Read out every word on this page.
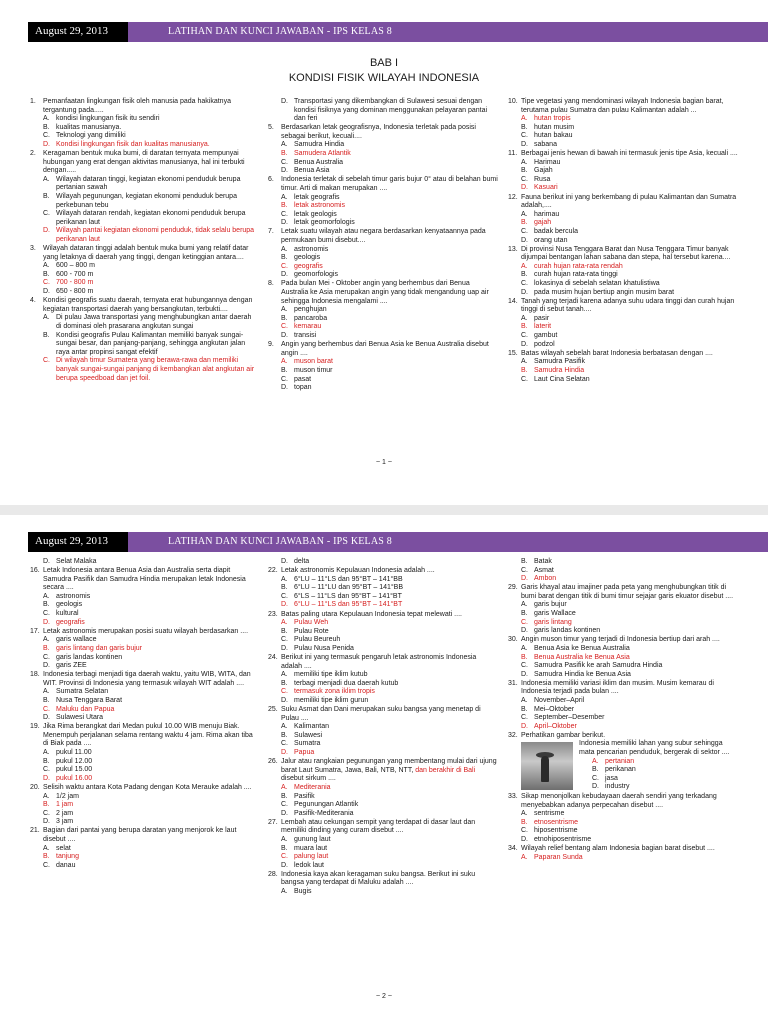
August 29, 2013	LATIHAN DAN KUNCI JAWABAN - IPS KELAS 8
BAB I
KONDISI FISIK WILAYAH INDONESIA
1.	Pemanfaatan lingkungan fisik oleh manusia pada hakikatnya tergantung pada.....
A. kondisi lingkungan fisik itu sendiri
B. kualitas manusianya.
C. Teknologi yang dimiliki
D. Kondisi lingkungan fisik dan kualitas manusianya.
2.	Keragaman bentuk muka bumi, di daratan ternyata mempunyai hubungan yang erat dengan aktivitas manusianya, hal ini terbukti dengan.....
A. Wilayah dataran tinggi, kegiatan ekonomi penduduk berupa pertanian sawah
B. Wilayah pegunungan, kegiatan ekonomi penduduk berupa perkebunan tebu
C. Wilayah dataran rendah, kegiatan ekonomi penduduk berupa perikanan laut
D. Wilayah pantai kegiatan ekonomi penduduk, tidak selalu berupa perikanan laut
3.	Wilayah dataran tinggi adalah bentuk muka bumi yang relatif datar yang letaknya di daerah yang tinggi, dengan ketinggian antara....
A. 600 – 800 m
B. 600 - 700 m
C. 700 - 800 m
D. 650 - 800 m
4.	Kondisi geografis suatu daerah, ternyata erat hubungannya dengan kegiatan transportasi daerah yang bersangkutan, terbukti....
A. Di pulau Jawa transportasi yang menghubungkan antar daerah di dominasi oleh prasarana angkutan sungai
B. Kondisi geografis Pulau Kalimantan memiliki banyak sungai-sungai besar, dan panjang-panjang, sehingga angkutan jalan raya antar propinsi sangat efektif
C. Di wilayah timur Sumatera yang berawa-rawa dan memiliki banyak sungai-sungai panjang di kembangkan alat angkutan air berupa speedboad dan jet foil.
D. Transportasi yang dikembangkan di Sulawesi sesuai dengan kondisi fisiknya yang dominan menggunakan pelayaran pantai dan feri
5.	Berdasarkan letak geografisnya, Indonesia terletak pada posisi sebagai berikut, kecuali....
A. Samudra Hindia
B. Samudera Atlantik
C. Benua Australia
D. Benua Asia
6.	Indonesia terletak di sebelah timur garis bujur 0° atau di belahan bumi timur. Arti di makan merupakan ....
A. letak geografis
B. letak astronomis
C. letak geologis
D. letak geomorfologis
7.	Letak suatu wilayah atau negara berdasarkan kenyataannya pada permukaan bumi disebut....
A. astronomis
B. geologis
C. geografis
D. geomorfologis
8.	Pada bulan Mei - Oktober angin yang berhembus dari Benua Australia ke Asia merupakan angin yang tidak mengandung uap air sehingga Indonesia mengalami ....
A. penghujan
B. pancaroba
C. kemarau
D. transisi
9.	Angin yang berhembus dari Benua Asia ke Benua Australia disebut angin ....
A. muson barat
B. muson timur
C. pasat
D. topan
10. Tipe vegetasi yang mendominasi wilayah Indonesia bagian barat, terutama pulau Sumatra dan pulau Kalimantan adalah ...
A. hutan tropis
B. hutan musim
C. hutan bakau
D. sabana
11. Berbagai jenis hewan di bawah ini termasuk jenis tipe Asia, kecuali ....
A. Harimau
B. Gajah
C. Rusa
D. Kasuari
12. Fauna berikut ini yang berkembang di pulau Kalimantan dan Sumatra adalah,....
A. harimau
B. gajah
C. badak bercula
D. orang utan
13. Di provinsi Nusa Tenggara Barat dan Nusa Tenggara Timur banyak dijumpai bentangan lahan sabana dan stepa, hal tersebut karena....
A. curah hujan rata-rata rendah
B. curah hujan rata-rata tinggi
C. lokasinya di sebelah selatan khatulistiwa
D. pada musim hujan bertiup angin musim barat
14. Tanah yang terjadi karena adanya suhu udara tinggi dan curah hujan tinggi di sebut tanah....
A. pasir
B. laterit
C. gambut
D. podzol
15. Batas wilayah sebelah barat Indonesia berbatasan dengan ....
A. Samudra Pasifik
B. Samudra Hindia
C. Laut Cina Selatan
~ 1 ~
August 29, 2013	LATIHAN DAN KUNCI JAWABAN - IPS KELAS 8
D. Selat Malaka
16. Letak Indonesia antara Benua Asia dan Australia serta diapit Samudra Pasifik dan Samudra Hindia merupakan letak Indonesia secara ....
A. astronomis
B. geologis
C. kultural
D. geografis
17. Letak astronomis merupakan posisi suatu wilayah berdasarkan ....
A. garis wallace
B. garis lintang dan garis bujur
C. garis landas kontinen
D. garis ZEE
18. Indonesia terbagi menjadi tiga daerah waktu, yaitu WIB, WITA, dan WIT. Provinsi di Indonesia yang termasuk wilayah WIT adalah ....
A. Sumatra Selatan
B. Nusa Tenggara Barat
C. Maluku dan Papua
D. Sulawesi Utara
19. Jika Rima berangkat dari Medan pukul 10.00 WIB menuju Biak. Menempuh perjalanan selama rentang waktu 4 jam. Rima akan tiba di Biak pada ....
A. pukul 11.00
B. pukul 12.00
C. pukul 15.00
D. pukul 16.00
20. Selisih waktu antara Kota Padang dengan Kota Merauke adalah ....
A. 1/2 jam
B. 1 jam
C. 2 jam
D. 3 jam
21. Bagian dari pantai yang berupa daratan yang menjorok ke laut disebut ....
A. selat
B. tanjung
C. danau
D. delta
22. Letak astronomis Kepulauan Indonesia adalah ....
A. 6°LU – 11°LS dan 95°BT – 141°BB
B. 6°LU – 11°LU dan 95°BT – 141°BB
C. 6°LS – 11°LS dan 95°BT – 141°BT
D. 6°LU – 11°LS dan 95°BT – 141°BT
23. Batas paling utara Kepulauan Indonesia tepat melewati ....
A. Pulau Weh
B. Pulau Rote
C. Pulau Beureuh
D. Pulau Nusa Penida
24. Berikut ini yang termasuk pengaruh letak astronomis Indonesia adalah ....
A. memiliki tipe iklim kutub
B. terbagi menjadi dua daerah kutub
C. termasuk zona iklim tropis
D. memiliki tipe iklim gurun
25. Suku Asmat dan Dani merupakan suku bangsa yang menetap di Pulau ....
A. Kalimantan
B. Sulawesi
C. Sumatra
D. Papua
26. Jalur atau rangkaian pegunungan yang membentang mulai dari ujung barat Laut Sumatra, Jawa, Bali, NTB, NTT, dan berakhir di Bali disebut sirkum ....
A. Mediterania
B. Pasifik
C. Pegunungan Atlantik
D. Pasifik-Mediterania
27. Lembah atau cekungan sempit yang terdapat di dasar laut dan memiliki dinding yang curam disebut ....
A. gunung laut
B. muara laut
C. palung laut
D. ledok laut
28. Indonesia kaya akan keragaman suku bangsa. Berikut ini suku bangsa yang terdapat di Maluku adalah ....
A. Bugis
B. Batak
C. Asmat
D. Ambon
29. Garis khayal atau imajiner pada peta yang menghubungkan titik di bumi barat dengan titik di bumi timur sejajar garis ekuator disebut ....
A. garis bujur
B. garis Wallace
C. garis lintang
D. garis landas kontinen
30. Angin muson timur yang terjadi di Indonesia bertiup dari arah ....
A. Benua Asia ke Benua Australia
B. Benua Australia ke Benua Asia
C. Samudra Pasifik ke arah Samudra Hindia
D. Samudra Hindia ke Benua Asia
31. Indonesia memiliki variasi iklim dan musim. Musim kemarau di Indonesia terjadi pada bulan ....
A. November–April
B. Mei–Oktober
C. September–Desember
D. April–Oktober
32. Perhatikan gambar berikut.
Indonesia memiliki lahan yang subur sehingga mata pencarian penduduk, bergerak di sektor ....
A. pertanian
B. perikanan
C. jasa
D. industry
33. Sikap menonjolkan kebudayaan daerah sendiri yang terkadang menyebabkan adanya perpecahan disebut ....
A. sentrisme
B. etnosentrisme
C. hiposentrisme
D. etnohiposentrisme
34. Wilayah relief bentang alam Indonesia bagian barat disebut ....
A. Paparan Sunda
~ 2 ~
